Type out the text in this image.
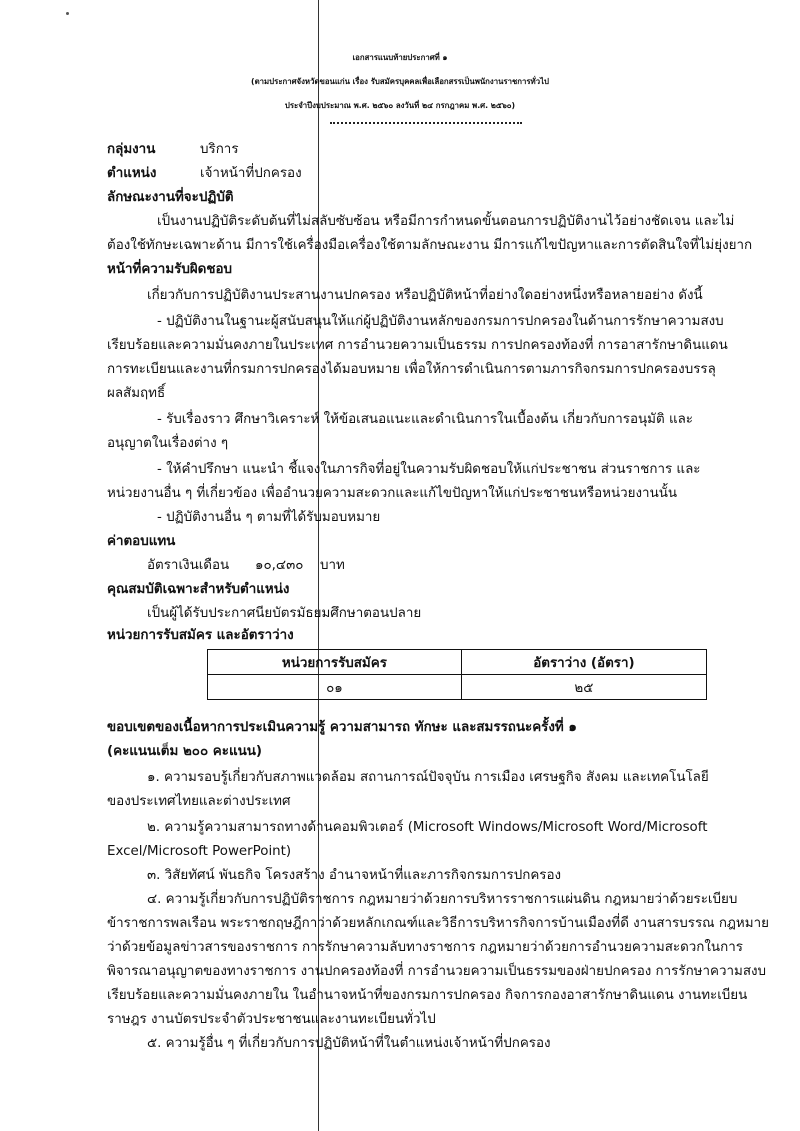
เอกสารแนบท้ายประกาศที่ ๑
(ตามประกาศจังหวัดขอนแก่น เรื่อง รับสมัครบุคคลเพื่อเลือกสรรเป็นพนักงานราชการทั่วไป
ประจำปีงบประมาณ พ.ศ. ๒๕๖๐ ลงวันที่ ๒๔ กรกฎาคม พ.ศ. ๒๕๖๐)
กลุ่มงาน	บริการ
ตำแหน่ง	เจ้าหน้าที่ปกครอง
ลักษณะงานที่จะปฏิบัติ
เป็นงานปฏิบัติระดับต้นที่ไม่สลับซับซ้อน หรือมีการกำหนดขั้นตอนการปฏิบัติงานไว้อย่างชัดเจน และไม่
ต้องใช้ทักษะเฉพาะด้าน มีการใช้เครื่องมือเครื่องใช้ตามลักษณะงาน มีการแก้ไขปัญหาและการตัดสินใจที่ไม่ยุ่งยาก
หน้าที่ความรับผิดชอบ
เกี่ยวกับการปฏิบัติงานประสานงานปกครอง หรือปฏิบัติหน้าที่อย่างใดอย่างหนึ่งหรือหลายอย่าง ดังนี้
- ปฏิบัติงานในฐานะผู้สนับสนุนให้แก่ผู้ปฏิบัติงานหลักของกรมการปกครองในด้านการรักษาความสงบ
เรียบร้อยและความมั่นคงภายในประเทศ การอำนวยความเป็นธรรม การปกครองท้องที่ การอาสารักษาดินแดน
การทะเบียนและงานที่กรมการปกครองได้มอบหมาย เพื่อให้การดำเนินการตามภารกิจกรมการปกครองบรรลุ
ผลสัมฤทธิ์
- รับเรื่องราว ศึกษาวิเคราะห์ ให้ข้อเสนอแนะและดำเนินการในเบื้องต้น เกี่ยวกับการอนุมัติ และ
อนุญาตในเรื่องต่าง ๆ
- ให้คำปรึกษา แนะนำ ชี้แจงในภารกิจที่อยู่ในความรับผิดชอบให้แก่ประชาชน ส่วนราชการ และ
หน่วยงานอื่น ๆ ที่เกี่ยวข้อง เพื่ออำนวยความสะดวกและแก้ไขปัญหาให้แก่ประชาชนหรือหน่วยงานนั้น
- ปฏิบัติงานอื่น ๆ ตามที่ได้รับมอบหมาย
ค่าตอบแทน
อัตราเงินเดือน ๑๐,๔๓๐ บาท
คุณสมบัติเฉพาะสำหรับตำแหน่ง
เป็นผู้ได้รับประกาศนียบัตรมัธยมศึกษาตอนปลาย
หน่วยการรับสมัคร และอัตราว่าง
หน่วยการรับสมัคร	อัตราว่าง (อัตรา)
๐๑	๒๕
ขอบเขตของเนื้อหาการประเมินความรู้ ความสามารถ ทักษะ และสมรรถนะครั้งที่ ๑
(คะแนนเต็ม ๒๐๐ คะแนน)
๑. ความรอบรู้เกี่ยวกับสภาพแวดล้อม สถานการณ์ปัจจุบัน การเมือง เศรษฐกิจ สังคม และเทคโนโลยี
ของประเทศไทยและต่างประเทศ
๒. ความรู้ความสามารถทางด้านคอมพิวเตอร์ (Microsoft Windows/Microsoft Word/Microsoft
Excel/Microsoft PowerPoint)
๓. วิสัยทัศน์ พันธกิจ โครงสร้าง อำนาจหน้าที่และภารกิจกรมการปกครอง
๔. ความรู้เกี่ยวกับการปฏิบัติราชการ กฎหมายว่าด้วยการบริหารราชการแผ่นดิน กฎหมายว่าด้วยระเบียบ
ข้าราชการพลเรือน พระราชกฤษฎีกาว่าด้วยหลักเกณฑ์และวิธีการบริหารกิจการบ้านเมืองที่ดี งานสารบรรณ กฎหมาย
ว่าด้วยข้อมูลข่าวสารของราชการ การรักษาความลับทางราชการ กฎหมายว่าด้วยการอำนวยความสะดวกในการ
พิจารณาอนุญาตของทางราชการ งานปกครองท้องที่ การอำนวยความเป็นธรรมของฝ่ายปกครอง การรักษาความสงบ
เรียบร้อยและความมั่นคงภายใน ในอำนาจหน้าที่ของกรมการปกครอง กิจการกองอาสารักษาดินแดน งานทะเบียน
ราษฎร งานบัตรประจำตัวประชาชนและงานทะเบียนทั่วไป
๕. ความรู้อื่น ๆ ที่เกี่ยวกับการปฏิบัติหน้าที่ในตำแหน่งเจ้าหน้าที่ปกครอง
